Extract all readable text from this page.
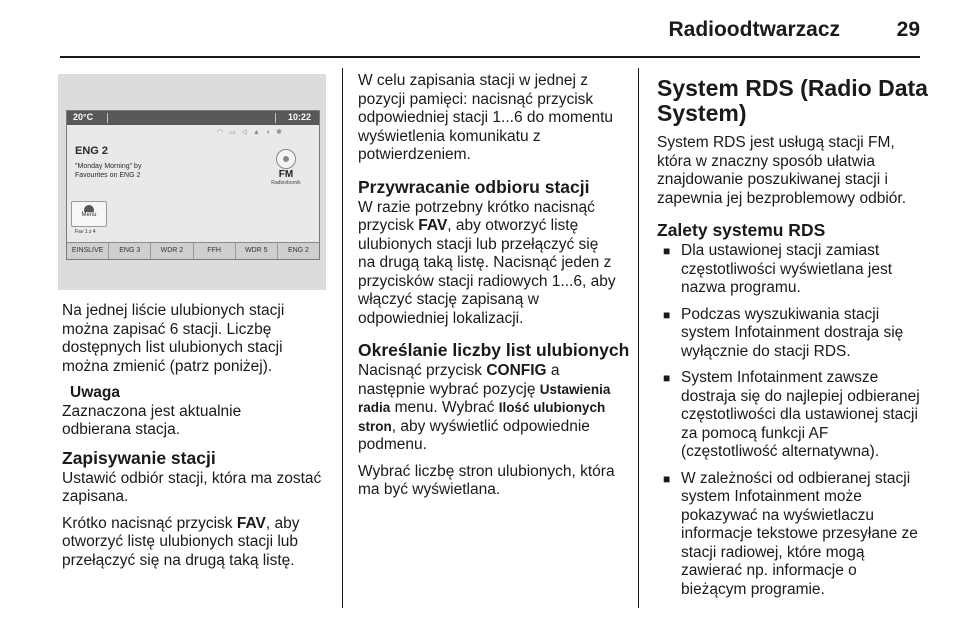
Radioodtwarzacz	29
20°C	10:22
◠ ▭ ◁ ▲ ◖ ✱
ENG 2
"Monday Morning" by
Favourites on ENG 2	FM
Radioobornik
Menu
Fav 1 z 4
EINSLIVE	ENG 3	WDR 2	FFH	WDR 5	ENG 2

Na jednej liście ulubionych stacji
można zapisać 6 stacji. Liczbę
dostępnych list ulubionych stacji
można zmienić (patrz poniżej).

Uwaga

Zaznaczona jest aktualnie
odbierana stacja.

Zapisywanie stacji

Ustawić odbiór stacji, która ma zostać
zapisana.

Krótko nacisnąć przycisk FAV, aby
otworzyć listę ulubionych stacji lub
przełączyć się na drugą taką listę.

W celu zapisania stacji w jednej z
pozycji pamięci: nacisnąć przycisk
odpowiedniej stacji 1...6 do momentu
wyświetlenia komunikatu z
potwierdzeniem.

Przywracanie odbioru stacji

W razie potrzebny krótko nacisnąć
przycisk FAV, aby otworzyć listę
ulubionych stacji lub przełączyć się
na drugą taką listę. Nacisnąć jeden z
przycisków stacji radiowych 1...6, aby
włączyć stację zapisaną w
odpowiedniej lokalizacji.

Określanie liczby list ulubionych

Nacisnąć przycisk CONFIG a
następnie wybrać pozycję Ustawienia
radia menu. Wybrać Ilość ulubionych
stron, aby wyświetlić odpowiednie
podmenu.

Wybrać liczbę stron ulubionych, która
ma być wyświetlana.

System RDS (Radio Data
System)

System RDS jest usługą stacji FM,
która w znaczny sposób ułatwia
znajdowanie poszukiwanej stacji i
zapewnia jej bezproblemowy odbiór.

Zalety systemu RDS
■ Dla ustawionej stacji zamiast
częstotliwości wyświetlana jest
nazwa programu.
■ Podczas wyszukiwania stacji
system Infotainment dostraja się
wyłącznie do stacji RDS.
■ System Infotainment zawsze
dostraja się do najlepiej odbieranej
częstotliwości dla ustawionej stacji
za pomocą funkcji AF
(częstotliwość alternatywna).
■ W zależności od odbieranej stacji
system Infotainment może
pokazywać na wyświetlaczu
informacje tekstowe przesyłane ze
stacji radiowej, które mogą
zawierać np. informacje o
bieżącym programie.
